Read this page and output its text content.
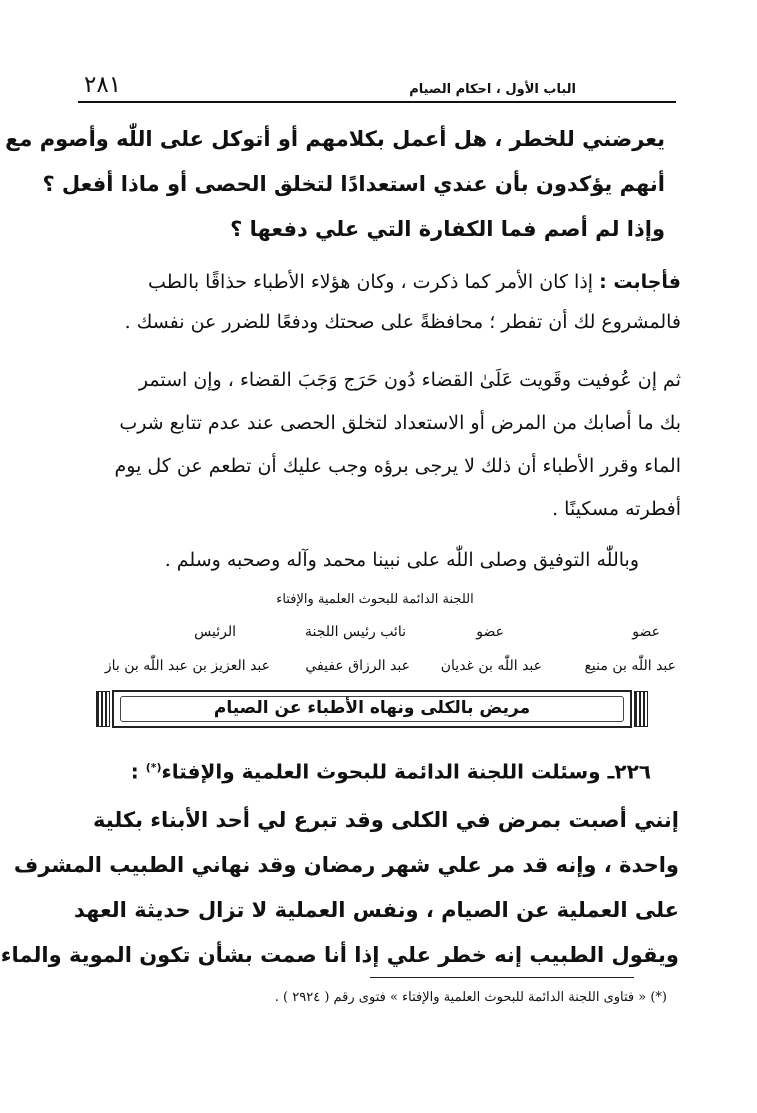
الباب الأول ، احكام الصيام
٢٨١
يعرضني للخطر ، هل أعمل بكلامهم أو أتوكل على اللّٰه وأصوم مع
أنهم يؤكدون بأن عندي استعدادًا لتخلق الحصى أو ماذا أفعل ؟
وإذا لم أصم فما الكفارة التي علي دفعها ؟
فأجابت : إذا كان الأمر كما ذكرت ، وكان هؤلاء الأطباء حذاقًا بالطب
فالمشروع لك أن تفطر ؛ محافظةً على صحتك ودفعًا للضرر عن نفسك .
ثم إن عُوفيت وقَويت عَلَىٰ القضاء دُون حَرَج وَجَبَ القضاء ، وإن استمر
بك ما أصابك من المرض أو الاستعداد لتخلق الحصى عند عدم تتابع شرب
الماء وقرر الأطباء أن ذلك لا يرجى برؤه وجب عليك أن تطعم عن كل يوم
أفطرته مسكينًا .
وباللّٰه التوفيق وصلى اللّٰه على نبينا محمد وآله وصحبه وسلم .
اللجنة الدائمة للبحوث العلمية والإفتاء
عضو
عضو
نائب رئيس اللجنة
الرئيس
عبد اللّٰه بن منيع
عبد اللّٰه بن غديان
عبد الرزاق عفيفي
عبد العزيز بن عبد اللّٰه بن باز
مريض بالكلى ونهاه الأطباء عن الصيام
٢٢٦ـ وسئلت اللجنة الدائمة للبحوث العلمية والإفتاء(*) :
إنني أصبت بمرض في الكلى وقد تبرع لي أحد الأبناء بكلية
واحدة ، وإنه قد مر علي شهر رمضان وقد نهاني الطبيب المشرف
على العملية عن الصيام ، ونفس العملية لا تزال حديثة العهد
ويقول الطبيب إنه خطر علي إذا أنا صمت بشأن تكون الموية والماء
(*) « فتاوى اللجنة الدائمة للبحوث العلمية والإفتاء » فتوى رقم ( ٢٩٢٤ ) .
